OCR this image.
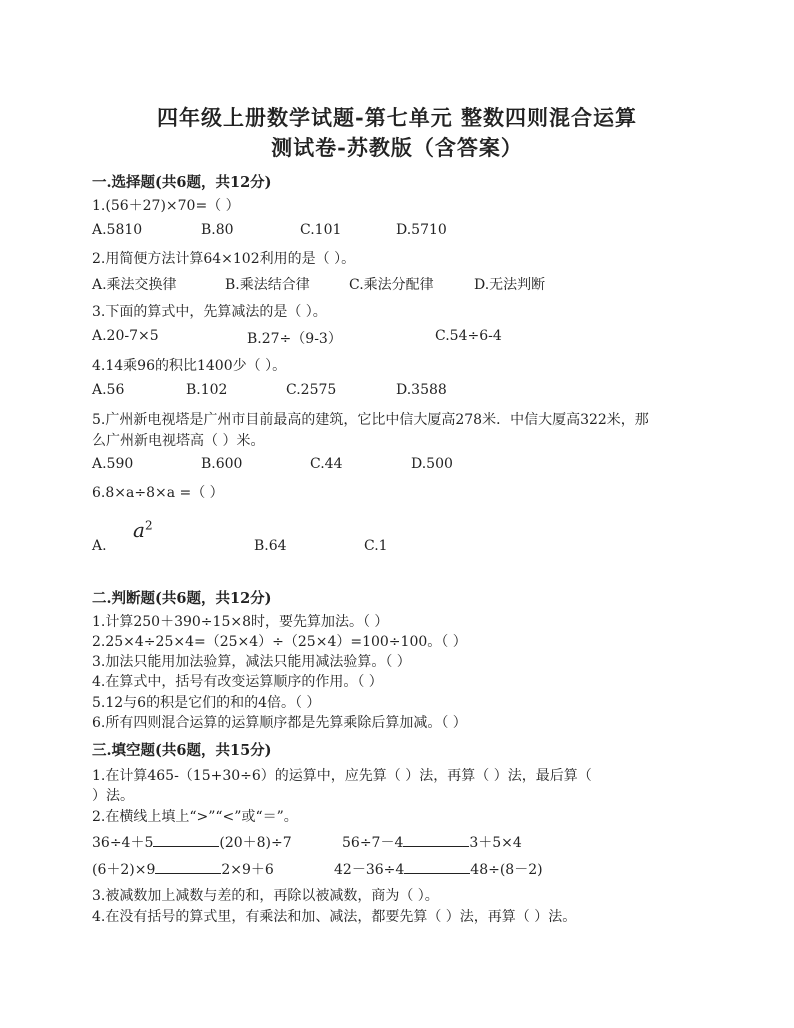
四年级上册数学试题-第七单元 整数四则混合运算
测试卷-苏教版（含答案）
一.选择题(共6题，共12分)
1.(56＋27)×70=（ ）
A.5810	B.80	C.101	D.5710
2.用简便方法计算64×102利用的是（ ）。
A.乘法交换律	B.乘法结合律	C.乘法分配律	D.无法判断
3.下面的算式中，先算减法的是（ ）。
A.20-7×5	B.27÷（9-3）	C.54÷6-4
4.14乘96的积比1400少（ ）。
A.56	B.102	C.2575	D.3588
5.广州新电视塔是广州市目前最高的建筑，它比中信大厦高278米．中信大厦高322米，那
么广州新电视塔高（ ）米。
A.590	B.600	C.44	D.500
6.8×a÷8×a =（ ）
$a^2$
A.	B.64	C.1
二.判断题(共6题，共12分)
1.计算250＋390÷15×8时，要先算加法。（ ）
2.25×4÷25×4=（25×4）÷（25×4）=100÷100。（ ）
3.加法只能用加法验算，减法只能用减法验算。（ ）
4.在算式中，括号有改变运算顺序的作用。（ ）
5.12与6的积是它们的和的4倍。（ ）
6.所有四则混合运算的运算顺序都是先算乘除后算加减。（ ）
三.填空题(共6题，共15分)
1.在计算465-（15+30÷6）的运算中，应先算（ ）法，再算（ ）法，最后算（
）法。
2.在横线上填上“>”“<”或“＝”。
36÷4＋5	(20＋8)÷7	56÷7－4	3＋5×4
(6＋2)×9	2×9＋6	42－36÷4	48÷(8－2)
3.被减数加上减数与差的和，再除以被减数，商为（ ）。
4.在没有括号的算式里，有乘法和加、减法，都要先算（ ）法，再算（ ）法。
